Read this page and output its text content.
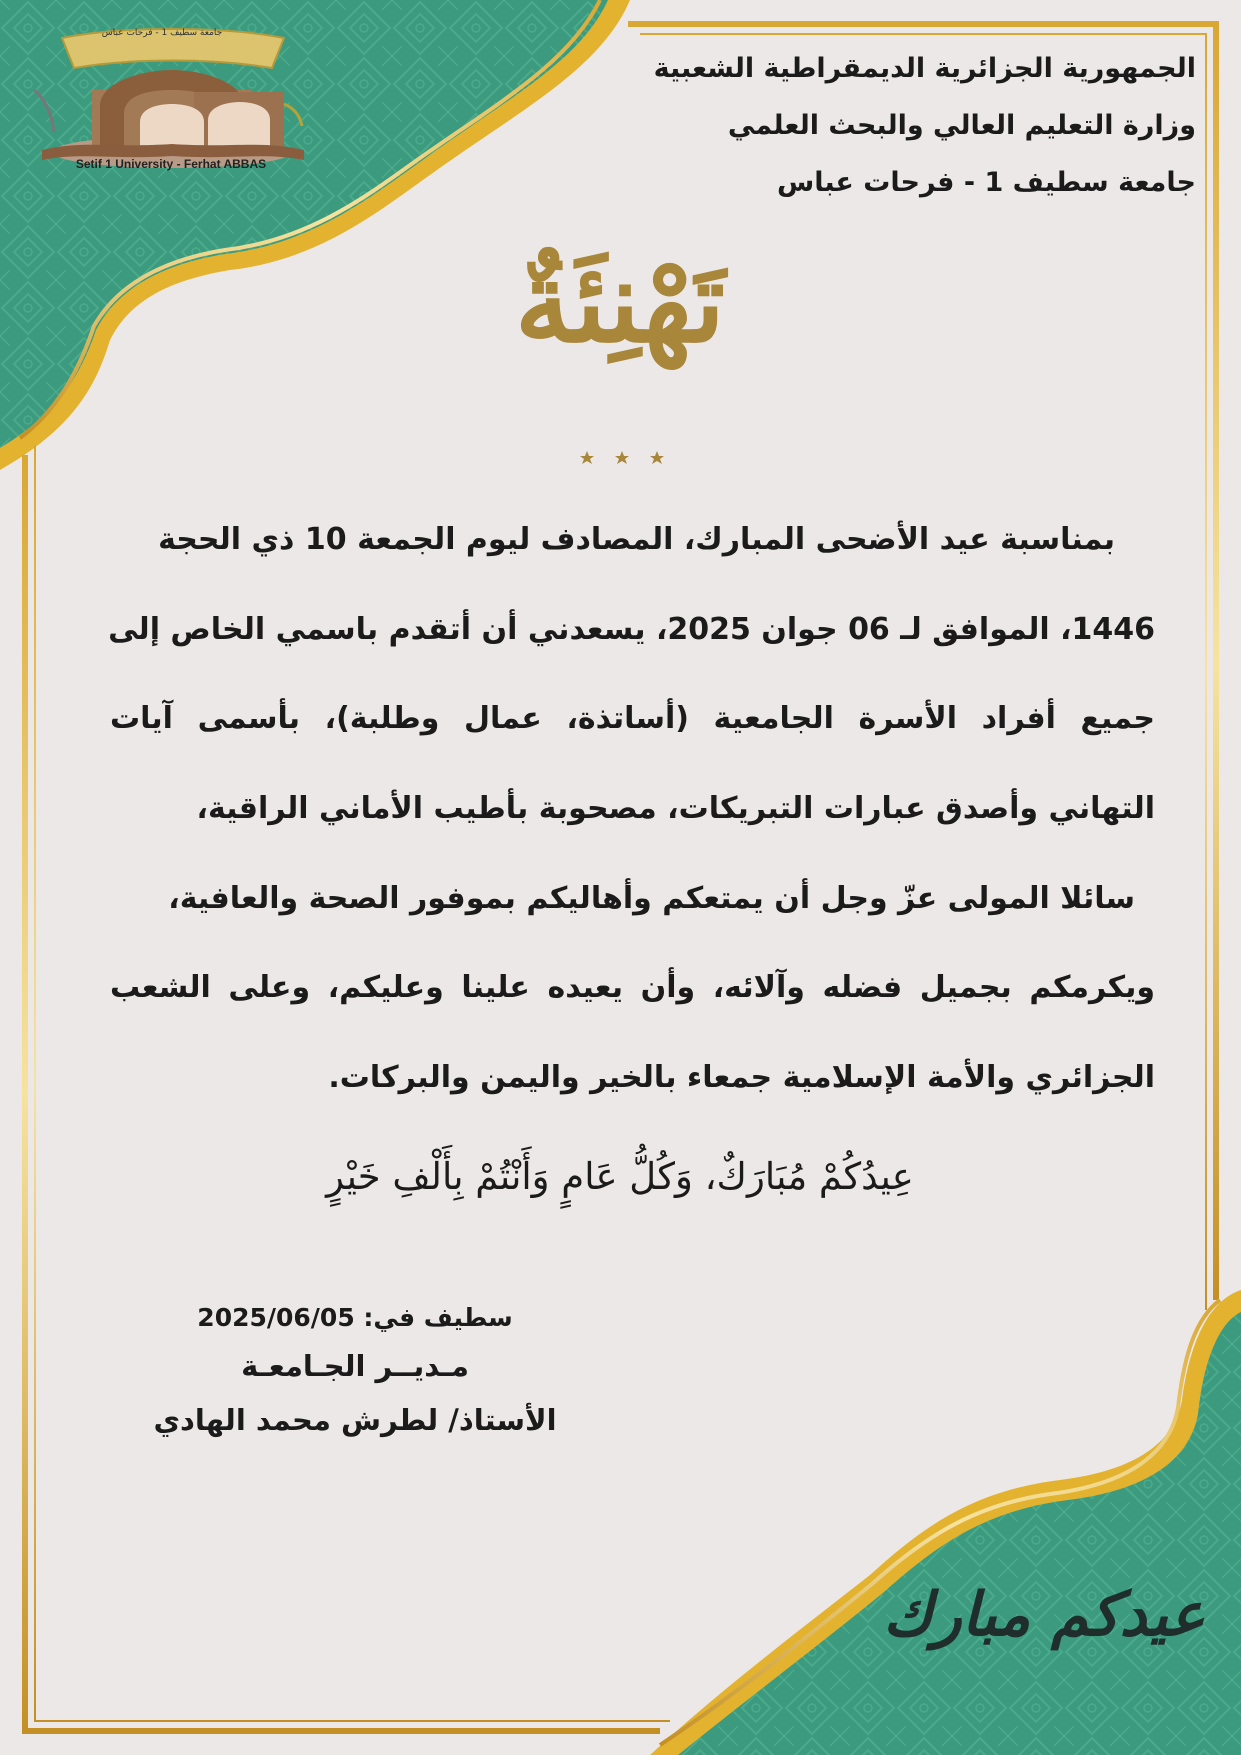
جامعة سطيف 1 - فرحات عباس
Setif 1 University - Ferhat ABBAS
الجمهورية الجزائرية الديمقراطية الشعبية
وزارة التعليم العالي والبحث العلمي
جامعة سطيف 1 - فرحات عباس
تَهْنِئَةٌ
بمناسبة عيد الأضحى المبارك، المصادف ليوم الجمعة 10 ذي الحجة
1446، الموافق لـ 06 جوان 2025، يسعدني أن أتقدم باسمي الخاص إلى
جميع أفراد الأسرة الجامعية (أساتذة، عمال وطلبة)، بأسمى آيات
التهاني وأصدق عبارات التبريكات، مصحوبة بأطيب الأماني الراقية،
سائلا المولى عزّ وجل أن يمتعكم وأهاليكم بموفور الصحة والعافية،
ويكرمكم بجميل فضله وآلائه، وأن يعيده علينا وعليكم، وعلى الشعب
الجزائري والأمة الإسلامية جمعاء بالخير واليمن والبركات.
عِيدُكُمْ مُبَارَكٌ، وَكُلُّ عَامٍ وَأَنْتُمْ بِأَلْفِ خَيْرٍ
سطيف في: 2025/06/05
مـديــر الجـامعـة
الأستاذ/ لطرش محمد الهادي
عيدكم مبارك
